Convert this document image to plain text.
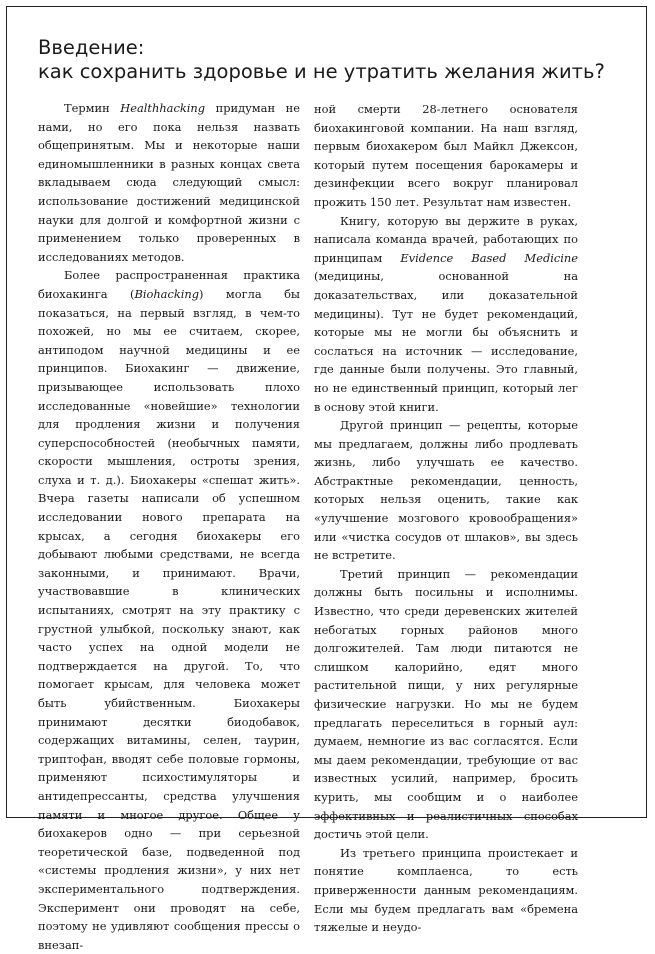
Введение:
как сохранить здоровье и не утратить желания жить?

Термин Healthhacking придуман не нами, но его пока нельзя назвать общепринятым. Мы и некоторые наши единомышленники в разных концах света вкладываем сюда следующий смысл: использование достижений медицинской науки для долгой и комфортной жизни с применением только проверенных в исследованиях методов.

Более распространенная практика биохакинга (Biohacking) могла бы показаться, на первый взгляд, в чем-то похожей, но мы ее считаем, скорее, антиподом научной медицины и ее принципов. Биохакинг — движение, призывающее использовать плохо исследованные «новейшие» технологии для продления жизни и получения суперспособностей (необычных памяти, скорости мышления, остроты зрения, слуха и т. д.). Биохакеры «спешат жить». Вчера газеты написали об успешном исследовании нового препарата на крысах, а сегодня биохакеры его добывают любыми средствами, не всегда законными, и принимают. Врачи, участвовавшие в клинических испытаниях, смотрят на эту практику с грустной улыбкой, поскольку знают, как часто успех на одной модели не подтверждается на другой. То, что помогает крысам, для человека может быть убийственным. Биохакеры принимают десятки биодобавок, содержащих витамины, селен, таурин, триптофан, вводят себе половые гормоны, применяют психостимуляторы и антидепрессанты, средства улучшения памяти и многое другое. Общее у биохакеров одно — при серьезной теоретической базе, подведенной под «системы продления жизни», у них нет экспериментального подтверждения. Эксперимент они проводят на себе, поэтому не удивляют сообщения прессы о внезап-

ной смерти 28-летнего основателя биохакинговой компании. На наш взгляд, первым биохакером был Майкл Джексон, который путем посещения барокамеры и дезинфекции всего вокруг планировал прожить 150 лет. Результат нам известен.

Книгу, которую вы держите в руках, написала команда врачей, работающих по принципам Evidence Based Medicine (медицины, основанной на доказательствах, или доказательной медицины). Тут не будет рекомендаций, которые мы не могли бы объяснить и сослаться на источник — исследование, где данные были получены. Это главный, но не единственный принцип, который лег в основу этой книги.

Другой принцип — рецепты, которые мы предлагаем, должны либо продлевать жизнь, либо улучшать ее качество. Абстрактные рекомендации, ценность, которых нельзя оценить, такие как «улучшение мозгового кровообращения» или «чистка сосудов от шлаков», вы здесь не встретите.

Третий принцип — рекомендации должны быть посильны и исполнимы. Известно, что среди деревенских жителей небогатых горных районов много долгожителей. Там люди питаются не слишком калорийно, едят много растительной пищи, у них регулярные физические нагрузки. Но мы не будем предлагать переселиться в горный аул: думаем, немногие из вас согласятся. Если мы даем рекомендации, требующие от вас известных усилий, например, бросить курить, мы сообщим и о наиболее эффективных и реалистичных способах достичь этой цели.

Из третьего принципа проистекает и понятие комплаенса, то есть приверженности данным рекомендациям. Если мы будем предлагать вам «бремена тяжелые и неудо-
